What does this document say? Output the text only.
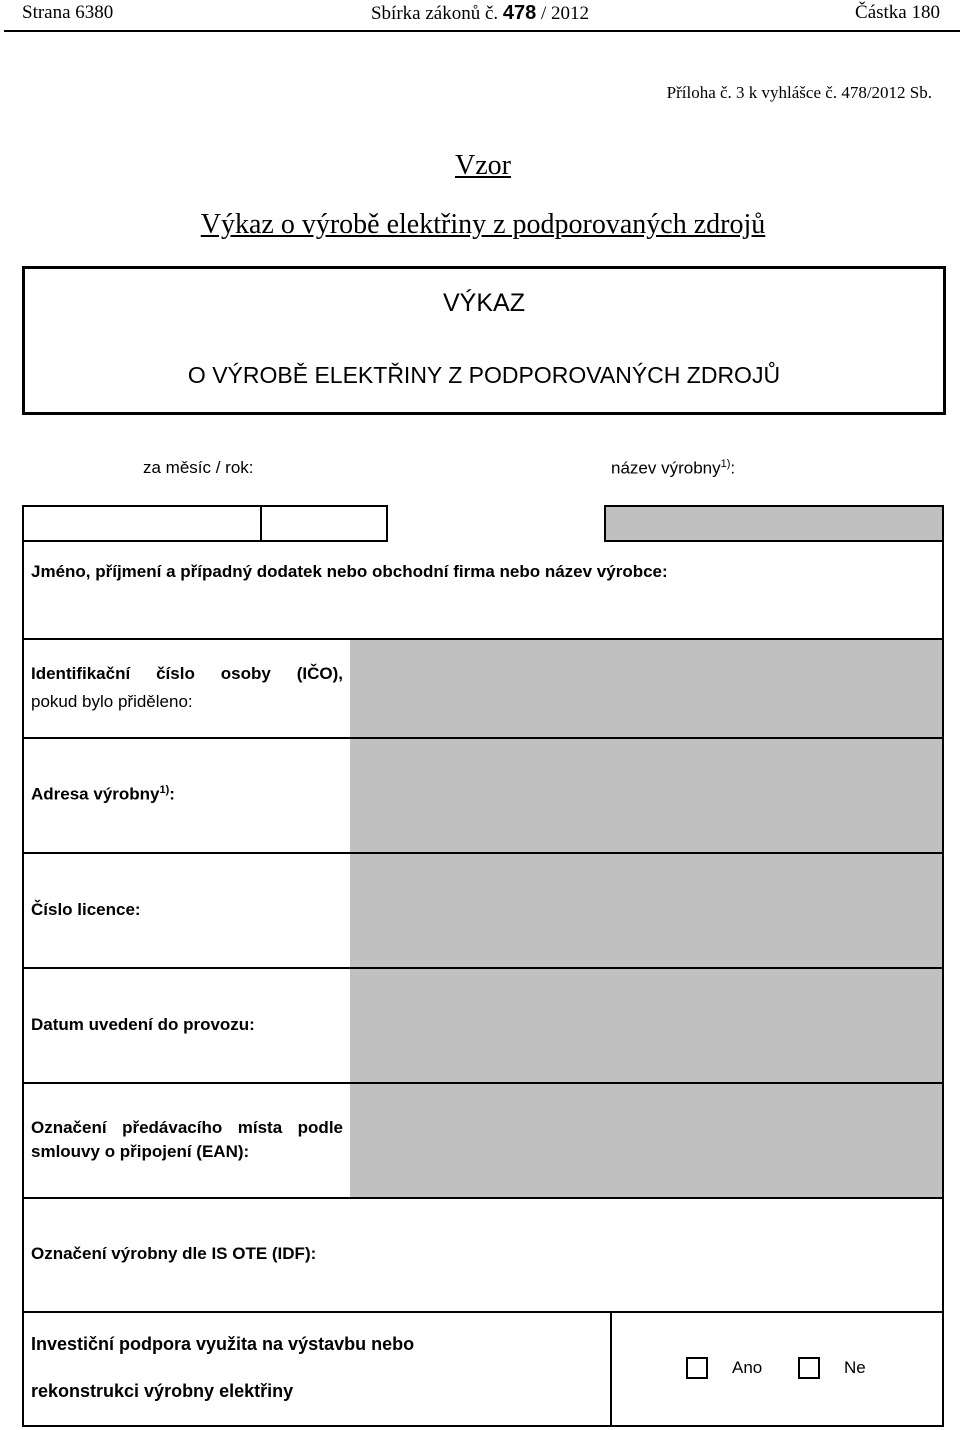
Strana 6380	Sbírka zákonů č. 478 / 2012	Částka 180
Příloha č. 3 k vyhlášce č. 478/2012 Sb.
Vzor
Výkaz o výrobě elektřiny z podporovaných zdrojů
VÝKAZ
O VÝROBĚ ELEKTŘINY Z PODPOROVANÝCH ZDROJŮ
za měsíc / rok:	název výrobny$^{1)}$:
Jméno, příjmení a případný dodatek nebo obchodní firma nebo název výrobce:
Identifikační číslo osoby (IČO),
pokud bylo přiděleno:
Adresa výrobny$^{1)}$:
Číslo licence:
Datum uvedení do provozu:
Označení předávacího místa podle
smlouvy o připojení (EAN):
Označení výrobny dle IS OTE (IDF):
Investiční podpora využita na výstavbu nebo
rekonstrukci výrobny elektřiny
Ano	Ne
